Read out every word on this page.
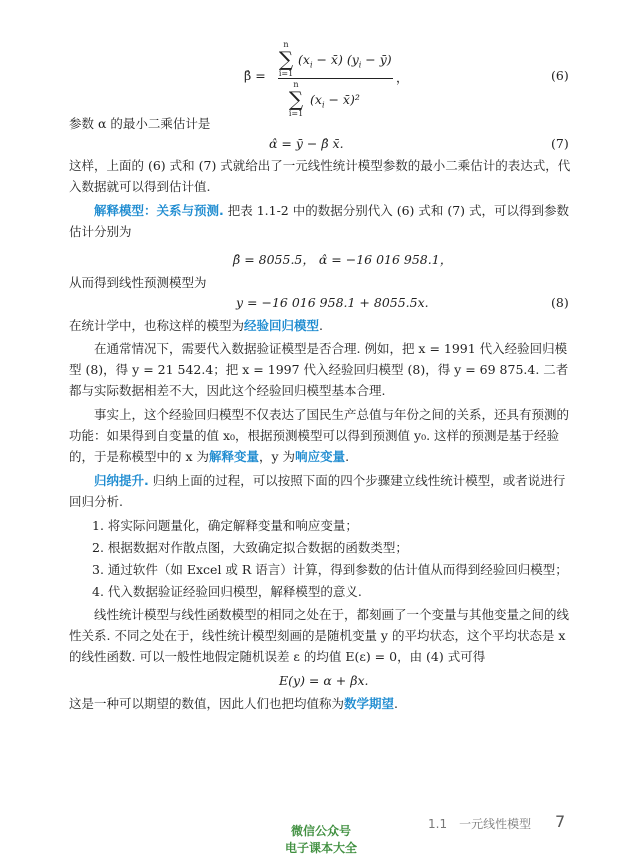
β̂ =
n
∑
i=1
($x_i$ − x̄) ($y_i$ − ȳ)
n
∑
i=1
($x_i$ − x̄)²
，	(6)
参数 α 的最小二乘估计是
α̂ = ȳ − β̂ x̄.	(7)
这样，上面的 (6) 式和 (7) 式就给出了一元线性统计模型参数的最小二乘估计的表达式，代入数据就可以得到估计值.
解释模型：关系与预测. 把表 1.1-2 中的数据分别代入 (6) 式和 (7) 式，可以得到参数估计分别为
β̂ = 8055.5， α̂ = −16 016 958.1，
从而得到线性预测模型为
y = −16 016 958.1 + 8055.5x.	(8)
在统计学中，也称这样的模型为经验回归模型.
在通常情况下，需要代入数据验证模型是否合理. 例如，把 x = 1991 代入经验回归模型 (8)，得 y = 21 542.4；把 x = 1997 代入经验回归模型 (8)，得 y = 69 875.4. 二者都与实际数据相差不大，因此这个经验回归模型基本合理.
事实上，这个经验回归模型不仅表达了国民生产总值与年份之间的关系，还具有预测的功能：如果得到自变量的值 x₀，根据预测模型可以得到预测值 y₀. 这样的预测是基于经验的，于是称模型中的 x 为解释变量，y 为响应变量.
归纳提升. 归纳上面的过程，可以按照下面的四个步骤建立线性统计模型，或者说进行回归分析.
1. 将实际问题量化，确定解释变量和响应变量；
2. 根据数据对作散点图，大致确定拟合数据的函数类型；
3. 通过软件（如 Excel 或 R 语言）计算，得到参数的估计值从而得到经验回归模型；
4. 代入数据验证经验回归模型，解释模型的意义.
线性统计模型与线性函数模型的相同之处在于，都刻画了一个变量与其他变量之间的线性关系. 不同之处在于，线性统计模型刻画的是随机变量 y 的平均状态，这个平均状态是 x 的线性函数. 可以一般性地假定随机误差 ε 的均值 E(ε) = 0，由 (4) 式可得
E(y) = α + βx.
这是一种可以期望的数值，因此人们也把均值称为数学期望.
1.1　一元线性模型 7
微信公众号
电子课本大全
